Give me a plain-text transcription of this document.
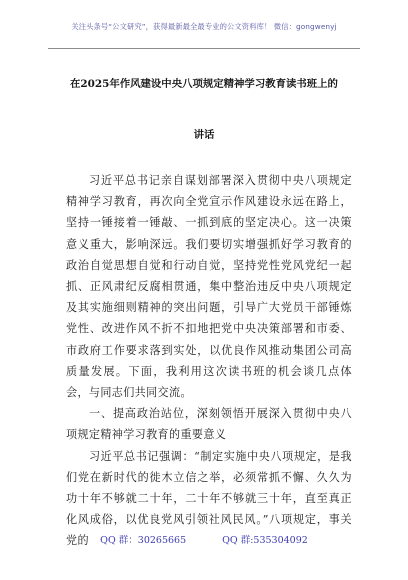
关注头条号“公文研究”，获得最新最全最专业的公文资料库！ 微信：gongwenyj
在2025年作风建设中央八项规定精神学习教育读书班上的
讲话

习近平总书记亲自谋划部署深入贯彻中央八项规定精神学习教育，再次向全党宣示作风建设永远在路上，坚持一锤接着一锤敲、一抓到底的坚定决心。这一决策意义重大，影响深远。我们要切实增强抓好学习教育的政治自觉思想自觉和行动自觉，坚持党性党风党纪一起抓、正风肃纪反腐相贯通，集中整治违反中央八项规定及其实施细则精神的突出问题，引导广大党员干部锤炼党性、改进作风不折不扣地把党中央决策部署和市委、市政府工作要求落到实处，以优良作风推动集团公司高质量发展。下面，我利用这次读书班的机会谈几点体会，与同志们共同交流。

一、提高政治站位，深刻领悟开展深入贯彻中央八项规定精神学习教育的重要意义

习近平总书记强调：“制定实施中央八项规定，是我们党在新时代的徙木立信之举，必须常抓不懈、久久为功十年不够就二十年，二十年不够就三十年，直至真正化风成俗，以优良党风引领社风民风。”八项规定，事关党的	QQ 群：30265665	QQ 群:535304092
